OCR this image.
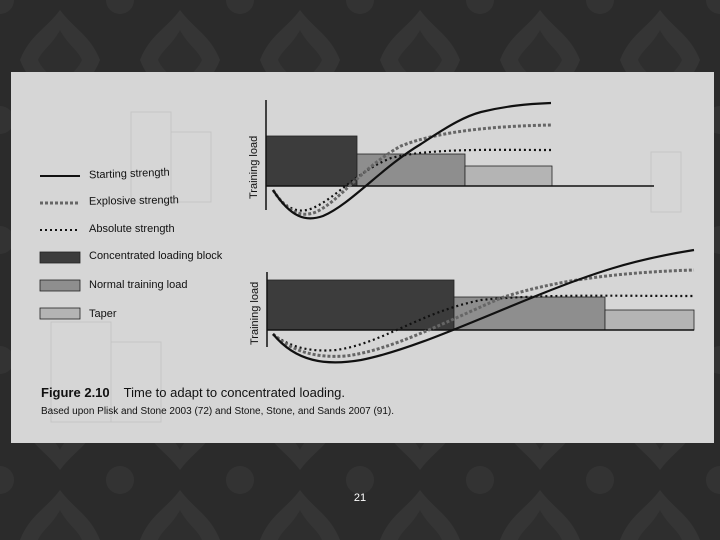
Starting strength
Explosive strength
Absolute strength
Concentrated loading block
Normal training load
Taper
Training load
Training load
Figure 2.10 Time to adapt to concentrated loading.
Based upon Plisk and Stone 2003 (72) and Stone, Stone, and Sands 2007 (91).
21
